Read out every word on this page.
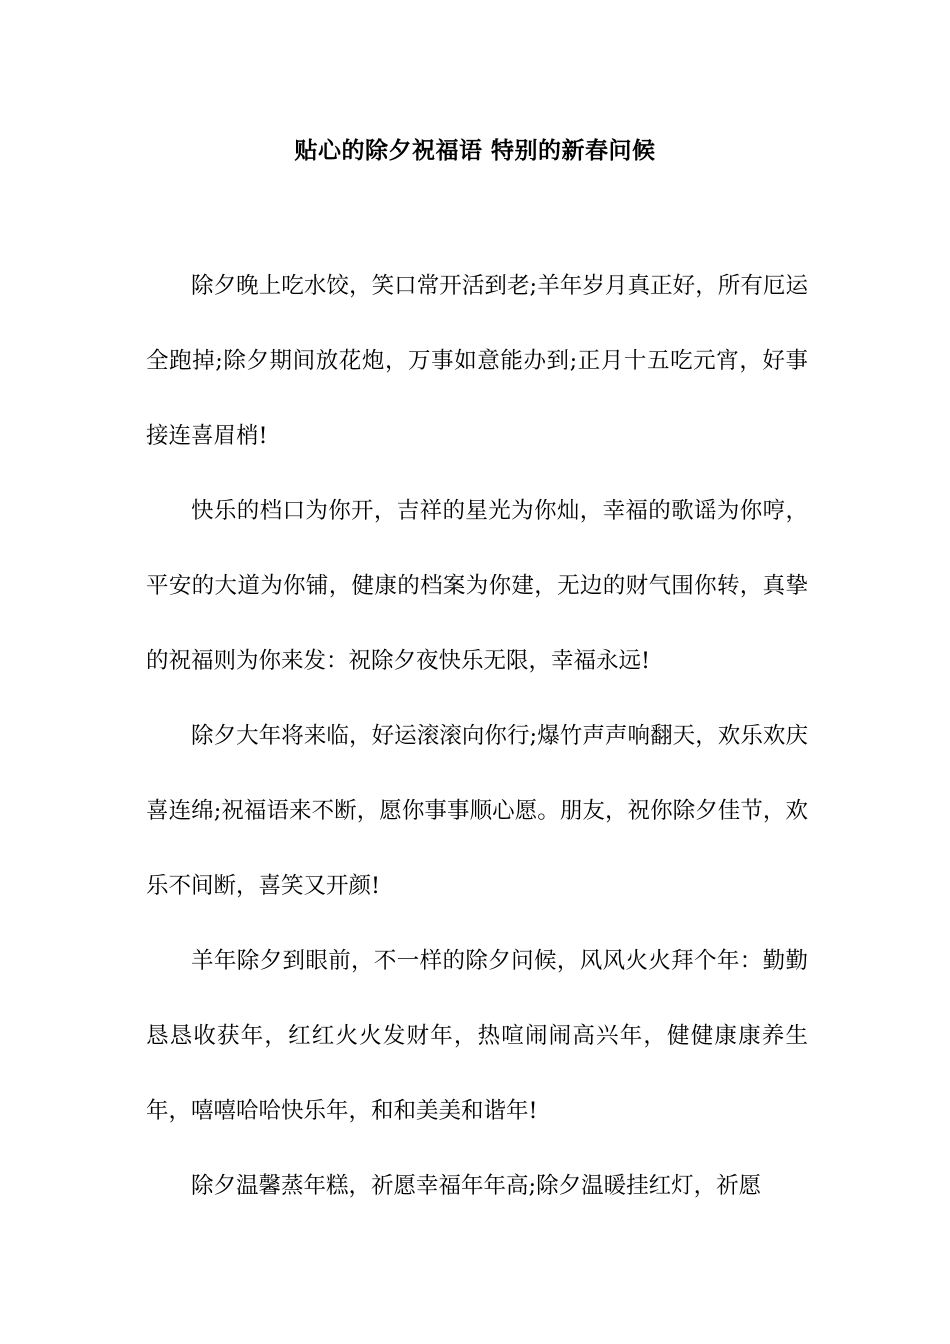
贴心的除夕祝福语 特别的新春问候

除夕晚上吃水饺，笑口常开活到老;羊年岁月真正好，所有厄运全跑掉;除夕期间放花炮，万事如意能办到;正月十五吃元宵，好事接连喜眉梢!

快乐的档口为你开，吉祥的星光为你灿，幸福的歌谣为你哼，平安的大道为你铺，健康的档案为你建，无边的财气围你转，真挚的祝福则为你来发：祝除夕夜快乐无限，幸福永远!

除夕大年将来临，好运滚滚向你行;爆竹声声响翻天，欢乐欢庆喜连绵;祝福语来不断，愿你事事顺心愿。朋友，祝你除夕佳节，欢乐不间断，喜笑又开颜!

羊年除夕到眼前，不一样的除夕问候，风风火火拜个年：勤勤恳恳收获年，红红火火发财年，热喧闹闹高兴年，健健康康养生年，嘻嘻哈哈快乐年，和和美美和谐年!

除夕温馨蒸年糕，祈愿幸福年年高;除夕温暖挂红灯，祈愿
